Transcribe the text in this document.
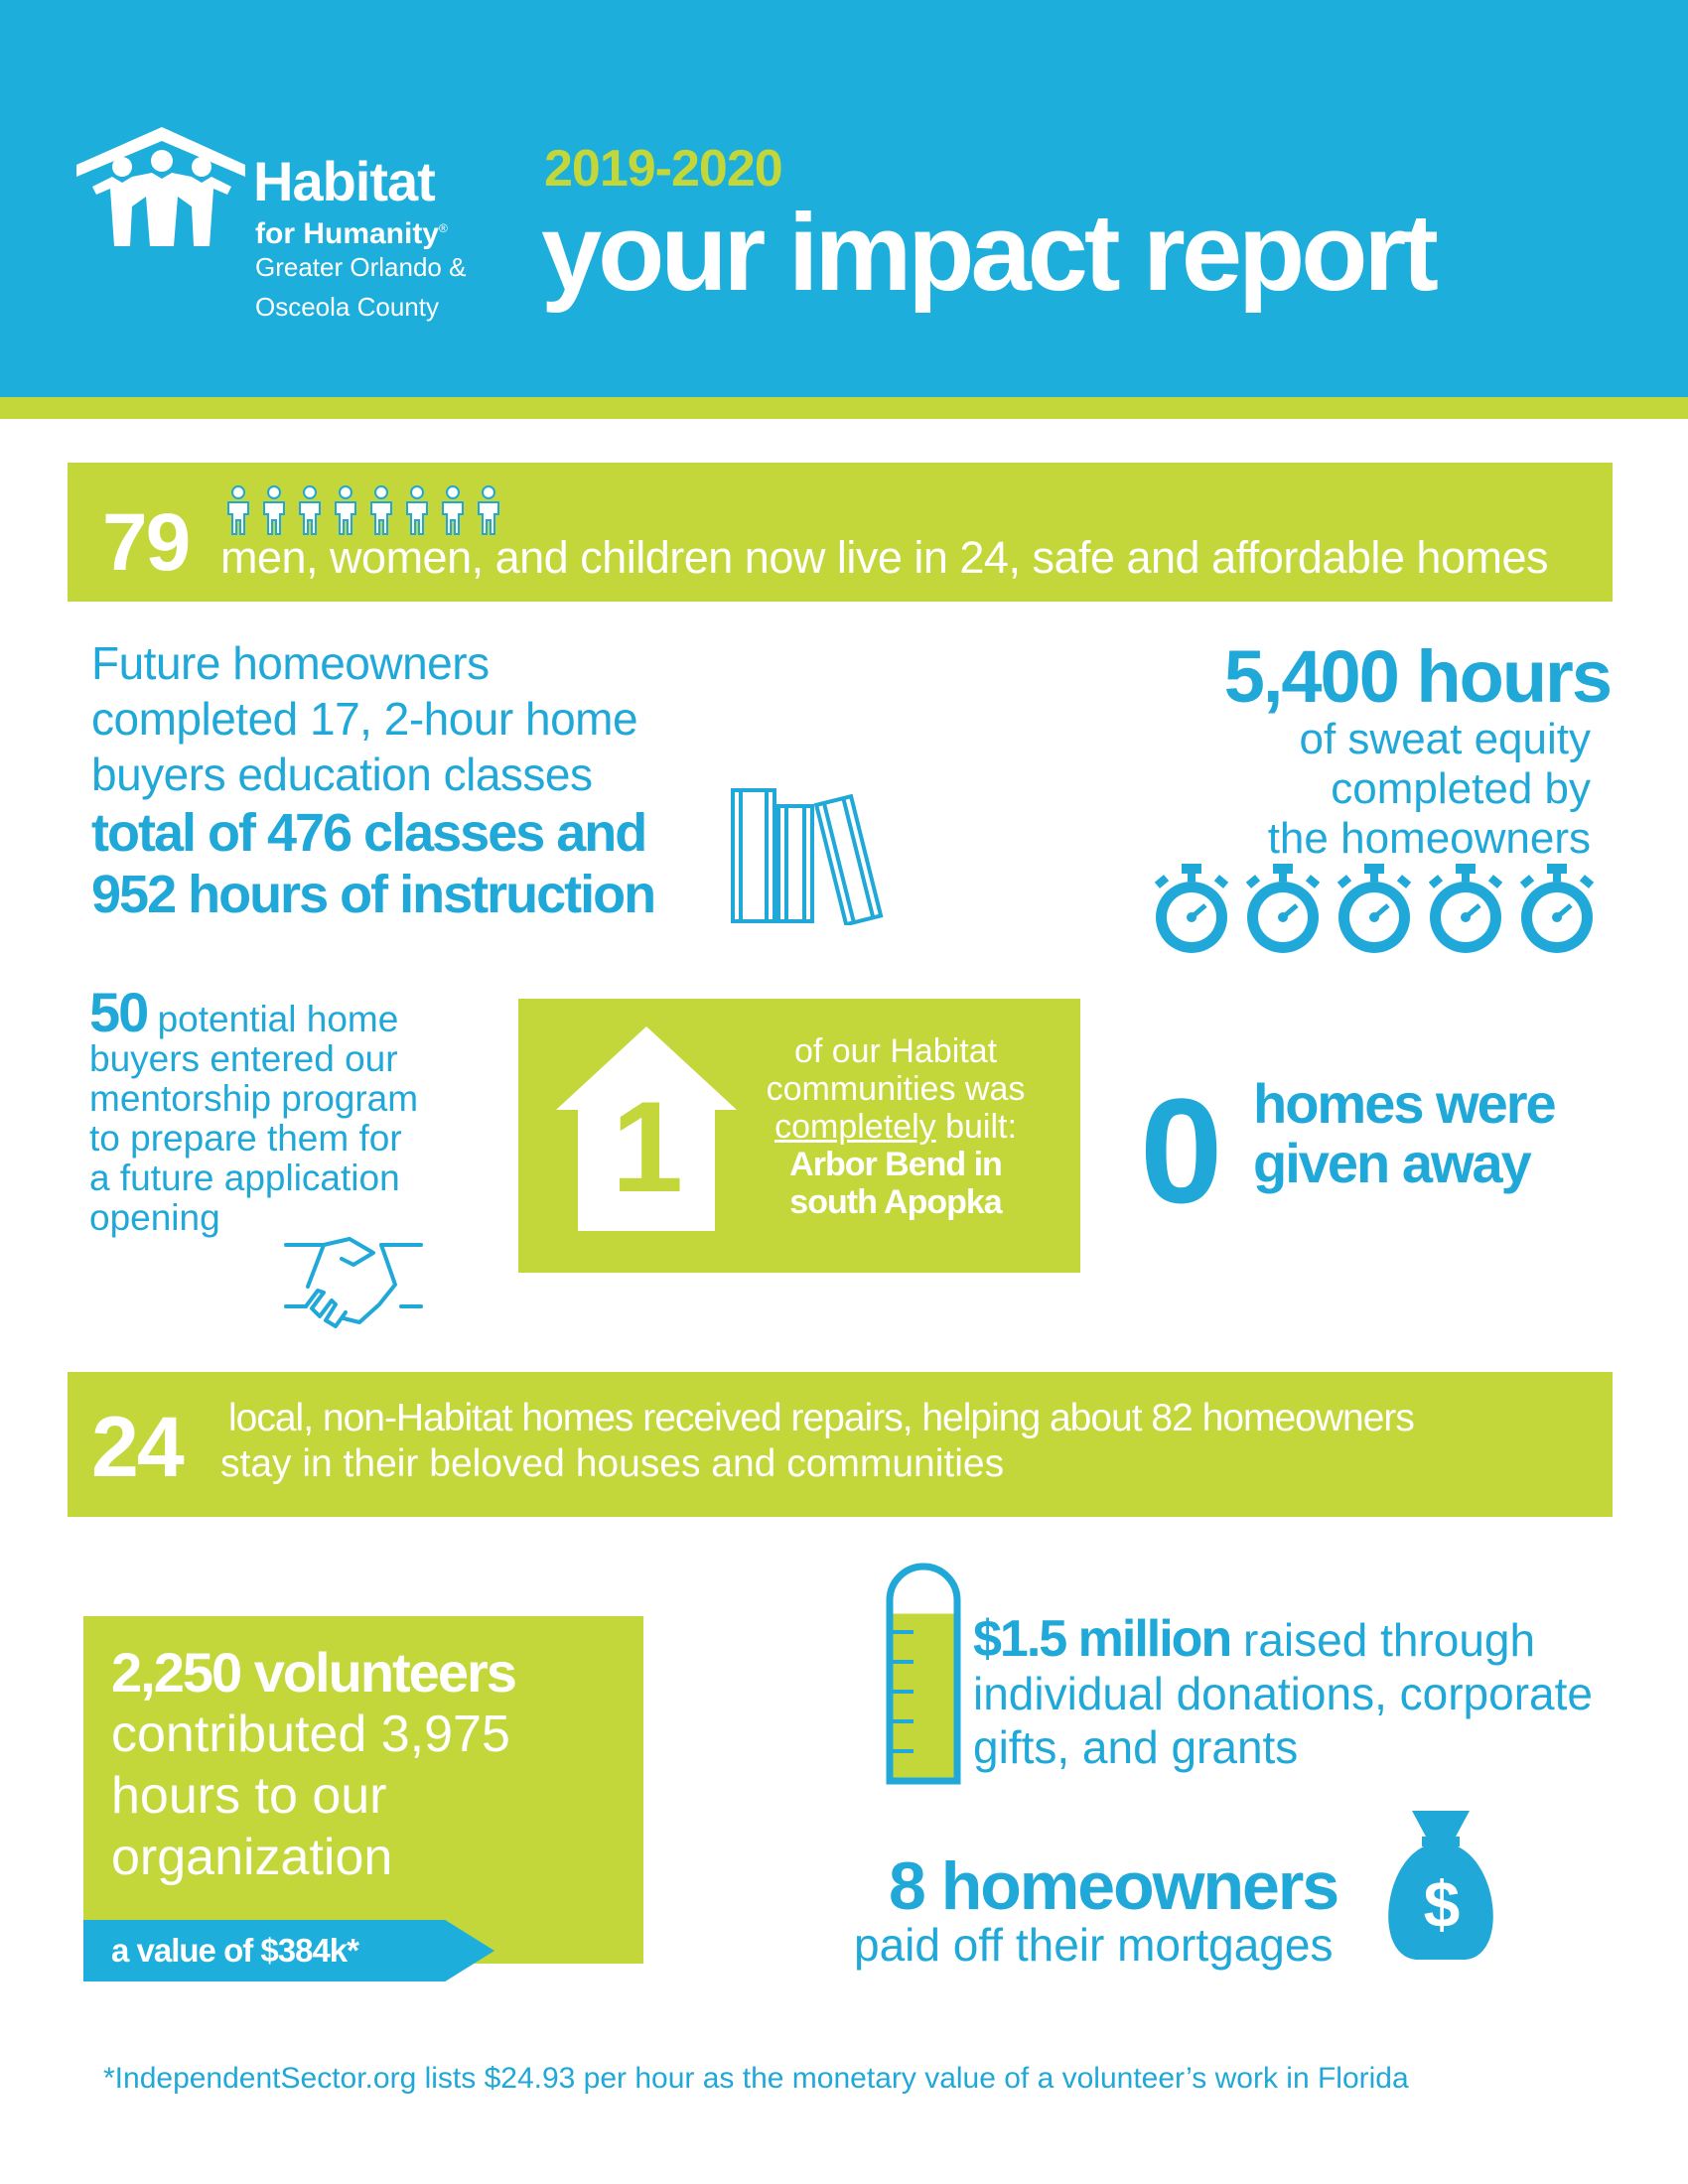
Habitat
for Humanity®
Greater Orlando &
Osceola County
2019-2020
your impact report
79 men, women, and children now live in 24, safe and affordable homes
Future homeowners
completed 17, 2-hour home
buyers education classes
total of 476 classes and
952 hours of instruction
5,400 hours
of sweat equity
completed by
the homeowners
50 potential home
buyers entered our
mentorship program
to prepare them for
a future application
opening	1
of our Habitat
communities was
completely built:
Arbor Bend in
south Apopka 0 homes were
given away
24 local, non-Habitat homes received repairs, helping about 82 homeowners
stay in their beloved houses and communities
2,250 volunteers
contributed 3,975
hours to our
organization
a value of $384k*
$1.5 million raised through
individual donations, corporate
gifts, and grants
8 homeowners
paid off their mortgages
$
*IndependentSector.org lists $24.93 per hour as the monetary value of a volunteer’s work in Florida
